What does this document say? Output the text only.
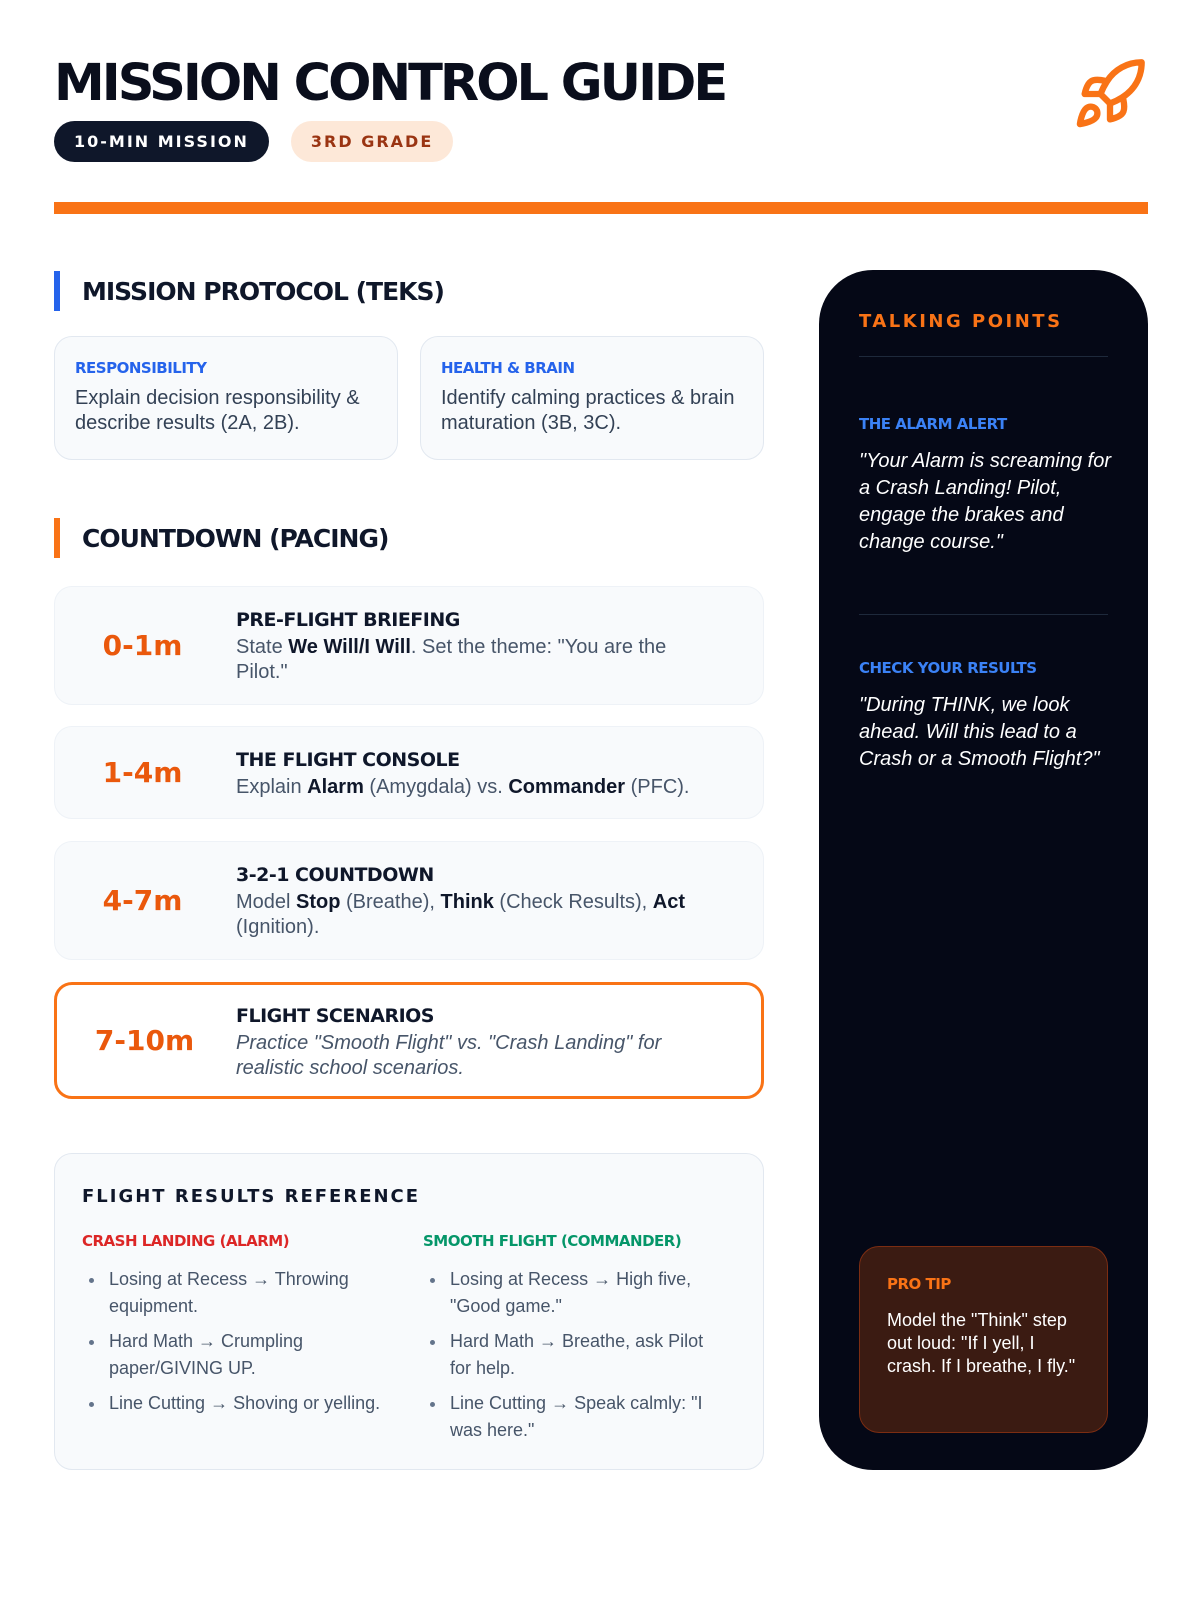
MISSION CONTROL GUIDE
10-MIN MISSION	3RD GRADE
MISSION PROTOCOL (TEKS)
RESPONSIBILITY
Explain decision responsibility & describe results (2A, 2B).
HEALTH & BRAIN
Identify calming practices & brain maturation (3B, 3C).
COUNTDOWN (PACING)
0-1m
PRE-FLIGHT BRIEFING
State We Will/I Will. Set the theme: "You are the Pilot."
1-4m	THE FLIGHT CONSOLE
Explain Alarm (Amygdala) vs. Commander (PFC).
4-7m
3-2-1 COUNTDOWN
Model Stop (Breathe), Think (Check Results), Act (Ignition).
7-10m
FLIGHT SCENARIOS
Practice "Smooth Flight" vs. "Crash Landing" for realistic school scenarios.
FLIGHT RESULTS REFERENCE
CRASH LANDING (ALARM)
Losing at Recess → Throwing equipment.
Hard Math → Crumpling paper/GIVING UP.
Line Cutting → Shoving or yelling.
SMOOTH FLIGHT (COMMANDER)
Losing at Recess → High five, "Good game."
Hard Math → Breathe, ask Pilot for help.
Line Cutting → Speak calmly: "I was here."
TALKING POINTS
THE ALARM ALERT
"Your Alarm is screaming for a Crash Landing! Pilot, engage the brakes and change course."
CHECK YOUR RESULTS
"During THINK, we look ahead. Will this lead to a Crash or a Smooth Flight?"
PRO TIP
Model the "Think" step out loud: "If I yell, I crash. If I breathe, I fly."
